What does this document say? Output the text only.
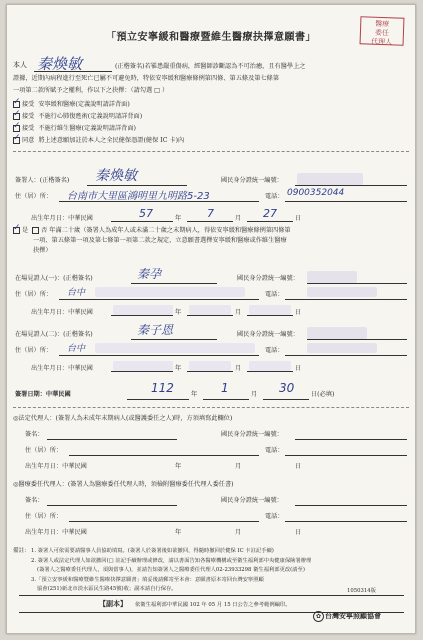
「預立安寧緩和醫療暨維生醫療抉擇意願書」
醫療
委任
代理人
本人 秦煥敏	(正楷簽名)若罹患嚴重傷病，經醫師診斷認為不可治癒，且有醫學上之
證據，近期內病程進行至死亡已屬不可避免時，特依安寧緩和醫療條例第四條、第五條及第七條第
一項第二款所賦予之權利，作以下之抉擇：（請勾選 □ ）
✓ 接受 安寧緩和醫療(定義說明請詳背面)
✓ 接受 不施行心肺復甦術(定義說明請詳背面)
✓ 接受 不施行維生醫療(定義說明請詳背面)
✓ 同意 將上述意願加註於本人之全民健保憑證(健保 IC 卡)內
簽署人：(正楷簽名) 秦煥敏	國民身分證統一編號：
住（居）所： 台南市大里區鴻明里九明路5-23	電話： 0900352044
出生年月日：中華民國	57	年 7	月 27	日
✓ 是 否 年滿二十歲（簽署人為成年人或未滿二十歲之末期病人，得依安寧緩和醫療條例第四條第
一項、第五條第一項及第七條第一項第二款之規定，立意願書選擇安寧緩和醫療或作維生醫療
抉擇）
在場見證人(一)：(正楷簽名)	秦孕	國民身分證統一編號：
住（居）所： 台中	電話：
出生年月日：中華民國	年	月	日
在場見證人(二)：(正楷簽名)	秦子恩	國民身分證統一編號：
住（居）所： 台中	電話：
出生年月日：中華民國	年	月	日
簽署日期：中華民國	112	年 1	月 30	日(必填)
◎法定代理人：(簽署人為未成年末期病人(或醫護委任之人)時，方須填寫此欄位)
簽名：	國民身分證統一編號：
住（居）所：	電話：
出生年月日：中華民國	年	月	日
◎醫療委任代理人：(簽署人為醫療委任代理人時，須檢附醫療委任代理人委任書)
簽名：	國民身分證統一編號：
住（居）所：	電話：
出生年月日：中華民國	年	月	日
備註： 1. 簽署人可依需要請醫事人員協助填寫。(簽署人於簽署後如欲撤回，得隨時撤回於健保 IC 卡註記手續)
2. 簽署人或法定代理人如欲撤回(□ 註記手續辦理或修改，請以書面告知各醫療機構或至衛生福利部中央健康保險署辦理
(簽署人之醫療委任代理人，須與當事人)，並請告知簽署人之醫療委任代理人02-23933298 衛生福利部更改(請至)
3.「預立安寧緩和醫療暨維生醫療抉擇意願書」填妥後請郵寄至本會：意願書原本寄回台灣安寧照顧
協會(251)新北市淡水區民生路45號)收；副本請自行保存。
【副本】 依衛生福利部中華民國 102 年 05 月 15 日公告之參考範例編印。
1050314版
✿ 台灣安寧照顧協會
